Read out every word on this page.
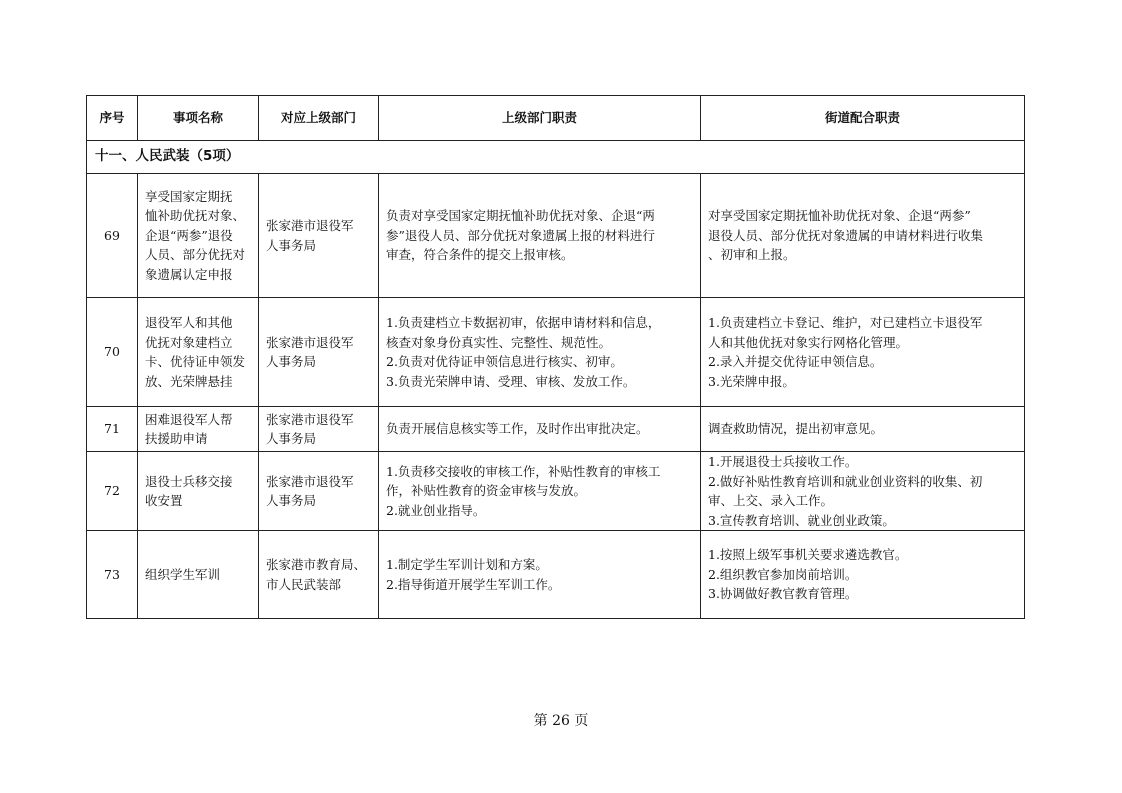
序号	事项名称	对应上级部门	上级部门职责	街道配合职责
十一、人民武装（5项）				
69	享受国家定期抚
恤补助优抚对象、
企退“两参”退役
人员、部分优抚对
象遗属认定申报	张家港市退役军
人事务局	负责对享受国家定期抚恤补助优抚对象、企退“两
参”退役人员、部分优抚对象遗属上报的材料进行
审查，符合条件的提交上报审核。	对享受国家定期抚恤补助优抚对象、企退“两参”
退役人员、部分优抚对象遗属的申请材料进行收集
、初审和上报。

70	退役军人和其他
优抚对象建档立
卡、优待证申领发
放、光荣牌悬挂	张家港市退役军
人事务局	1.负责建档立卡数据初审，依据申请材料和信息，
核查对象身份真实性、完整性、规范性。
2.负责对优待证申领信息进行核实、初审。
3.负责光荣牌申请、受理、审核、发放工作。	1.负责建档立卡登记、维护，对已建档立卡退役军
人和其他优抚对象实行网格化管理。
2.录入并提交优待证申领信息。
3.光荣牌申报。

71	困难退役军人帮
扶援助申请	张家港市退役军
人事务局	负责开展信息核实等工作，及时作出审批决定。	调查救助情况，提出初审意见。

72	退役士兵移交接
收安置	张家港市退役军
人事务局	1.负责移交接收的审核工作，补贴性教育的审核工
作，补贴性教育的资金审核与发放。
2.就业创业指导。	1.开展退役士兵接收工作。
2.做好补贴性教育培训和就业创业资料的收集、初
审、上交、录入工作。
3.宣传教育培训、就业创业政策。

73	组织学生军训	张家港市教育局、
市人民武装部	1.制定学生军训计划和方案。
2.指导街道开展学生军训工作。	1.按照上级军事机关要求遴选教官。
2.组织教官参加岗前培训。
3.协调做好教官教育管理。
第 26 页
